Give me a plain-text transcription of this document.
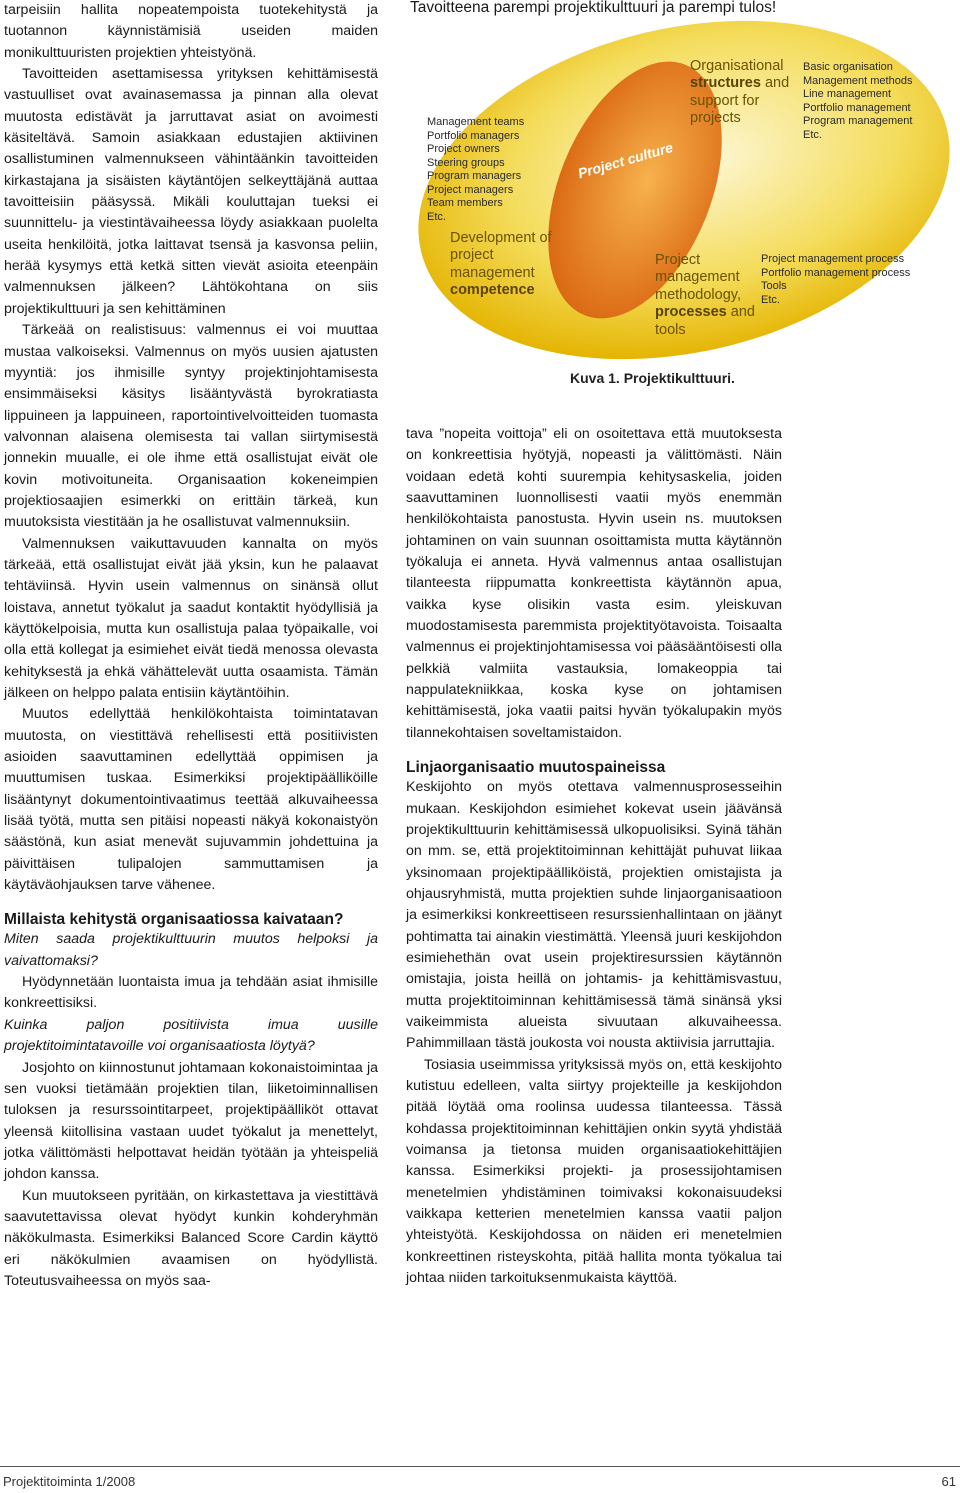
tarpeisiin hallita nopeatempoista tuotekehitystä ja tuotannon käynnistämisiä useiden maiden monikulttuuristen projektien yhteistyönä.

Tavoitteiden asettamisessa yrityksen kehittämisestä vastuulliset ovat avainasemassa ja pinnan alla olevat muutosta edistävät ja jarruttavat asiat on avoimesti käsiteltävä. Samoin asiakkaan edustajien aktiivinen osallistuminen valmennukseen vähintäänkin tavoitteiden kirkastajana ja sisäisten käytäntöjen selkeyttäjänä auttaa tavoitteisiin pääsyssä. Mikäli kouluttajan tueksi ei suunnittelu- ja viestintävaiheessa löydy asiakkaan puolelta useita henkilöitä, jotka laittavat tsensä ja kasvonsa peliin, herää kysymys että ketkä sitten vievät asioita eteenpäin valmennuksen jälkeen? Lähtökohtana on siis projektikulttuuri ja sen kehittäminen

Tärkeää on realistisuus: valmennus ei voi muuttaa mustaa valkoiseksi. Valmennus on myös uusien ajatusten myyntiä: jos ihmisille syntyy projektinjohtamisesta ensimmäiseksi käsitys lisääntyvästä byrokratiasta lippuineen ja lappuineen, raportointivelvoitteiden tuomasta valvonnan alaisena olemisesta tai vallan siirtymisestä jonnekin muualle, ei ole ihme että osallistujat eivät ole kovin motivoituneita. Organisaation kokeneimpien projektiosaajien esimerkki on erittäin tärkeä, kun muutoksista viestitään ja he osallistuvat valmennuksiin.

Valmennuksen vaikuttavuuden kannalta on myös tärkeää, että osallistujat eivät jää yksin, kun he palaavat tehtäviinsä. Hyvin usein valmennus on sinänsä ollut loistava, annetut työkalut ja saadut kontaktit hyödyllisiä ja käyttökelpoisia, mutta kun osallistuja palaa työpaikalle, voi olla että kollegat ja esimiehet eivät tiedä menossa olevasta kehityksestä ja ehkä vähättelevät uutta osaamista. Tämän jälkeen on helppo palata entisiin käytäntöihin.

Muutos edellyttää henkilökohtaista toimintatavan muutosta, on viestittävä rehellisesti että positiivisten asioiden saavuttaminen edellyttää oppimisen ja muuttumisen tuskaa. Esimerkiksi projektipäälliköille lisääntynyt dokumentointivaatimus teettää alkuvaiheessa lisää työtä, mutta sen pitäisi nopeasti näkyä kokonaistyön säästönä, kun asiat menevät sujuvammin johdettuina ja päivittäisen tulipalojen sammuttamisen ja käytäväohjauksen tarve vähenee.

Millaista kehitystä organisaatiossa kaivataan?

Miten saada projektikulttuurin muutos helpoksi ja vaivattomaksi?

Hyödynnetään luontaista imua ja tehdään asiat ihmisille konkreettisiksi.

Kuinka paljon positiivista imua uusille projektitoimintatavoille voi organisaatiosta löytyä?

Josjohto on kiinnostunut johtamaan kokonaistoimintaa ja sen vuoksi tietämään projektien tilan, liiketoiminnallisen tuloksen ja resurssointitarpeet, projektipäälliköt ottavat yleensä kiitollisina vastaan uudet työkalut ja menettelyt, jotka välittömästi helpottavat heidän työtään ja yhteispeliä johdon kanssa.

Kun muutokseen pyritään, on kirkastettava ja viestittävä saavutettavissa olevat hyödyt kunkin kohderyhmän näkökulmasta. Esimerkiksi Balanced Score Cardin käyttö eri näkökulmien avaamisen on hyödyllistä. Toteutusvaiheessa on myös saa-

Tavoitteena parempi projektikulttuuri ja parempi tulos!
Project culture
Management teams
Portfolio managers
Project owners
Steering groups
Program managers
Project managers
Team members
Etc.
Development of
project
management
competence
Organisational
structures and
support for
projects
Basic organisation
Management methods
Line management
Portfolio management
Program management
Etc.
Project
management
methodology,
processes and
tools
Project management process
Portfolio management process
Tools
Etc.
Kuva 1. Projektikulttuuri.

tava ”nopeita voittoja” eli on osoitettava että muutoksesta on konkreettisia hyötyjä, nopeasti ja välittömästi. Näin voidaan edetä kohti suurempia kehitysaskelia, joiden saavuttaminen luonnollisesti vaatii myös enemmän henkilökohtaista panostusta. Hyvin usein ns. muutoksen johtaminen on vain suunnan osoittamista mutta käytännön työkaluja ei anneta. Hyvä valmennus antaa osallistujan tilanteesta riippumatta konkreettista käytännön apua, vaikka kyse olisikin vasta esim. yleiskuvan muodostamisesta paremmista projektityötavoista. Toisaalta valmennus ei projektinjohtamisessa voi pääsääntöisesti olla pelkkiä valmiita vastauksia, lomakeoppia tai nappulatekniikkaa, koska kyse on johtamisen kehittämisestä, joka vaatii paitsi hyvän työkalupakin myös tilannekohtaisen soveltamistaidon.

Linjaorganisaatio muutospaineissa

Keskijohto on myös otettava valmennusprosesseihin mukaan. Keskijohdon esimiehet kokevat usein jäävänsä projektikulttuurin kehittämisessä ulkopuolisiksi. Syinä tähän on mm. se, että projektitoiminnan kehittäjät puhuvat liikaa yksinomaan projektipäälliköistä, projektien omistajista ja ohjausryhmistä, mutta projektien suhde linjaorganisaatioon ja esimerkiksi konkreettiseen resurssienhallintaan on jäänyt pohtimatta tai ainakin viestimättä. Yleensä juuri keskijohdon esimiehethän ovat usein projektiresurssien käytännön omistajia, joista heillä on johtamis- ja kehittämisvastuu, mutta projektitoiminnan kehittämisessä tämä sinänsä yksi vaikeimmista alueista sivuutaan alkuvaiheessa. Pahimmillaan tästä joukosta voi nousta aktiivisia jarruttajia.

Tosiasia useimmissa yrityksissä myös on, että keskijohto kutistuu edelleen, valta siirtyy projekteille ja keskijohdon pitää löytää oma roolinsa uudessa tilanteessa. Tässä kohdassa projektitoiminnan kehittäjien onkin syytä yhdistää voimansa ja tietonsa muiden organisaatiokehittäjien kanssa. Esimerkiksi projekti- ja prosessijohtamisen menetelmien yhdistäminen toimivaksi kokonaisuudeksi vaikkapa ketterien menetelmien kanssa vaatii paljon yhteistyötä. Keskijohdossa on näiden eri menetelmien konkreettinen risteyskohta, pitää hallita monta työkalua tai johtaa niiden tarkoituksenmukaista käyttöä.

Projektitoiminta 1/2008	61
